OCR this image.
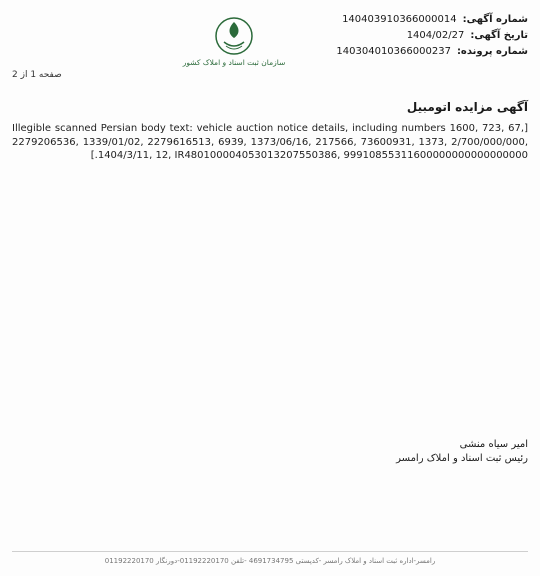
شماره آگهی:
140403910366000014
تاریخ آگهی:
1404/02/27
شماره پرونده:
140304010366000237
سازمان ثبت اسناد و املاک کشور
صفحه 1 از 2
آگهی مزایده اتومبیل

[Illegible scanned Persian body text: vehicle auction notice details, including numbers 1600, 723, 67, 2279206536, 1339/01/02, 2279616513, 6939, 1373/06/16, 217566, 73600931, 1373, 2/700/000/000, 1404/3/11, 12, IR480100004053013207550386, 99910855311600000000000000000.]

امیر سیاه منشی
رئیس ثبت اسناد و املاک رامسر
رامسر-اداره ثبت اسناد و املاک رامسر -کدپستی 4691734795 -تلفن 01192220170-دورنگار 01192220170
